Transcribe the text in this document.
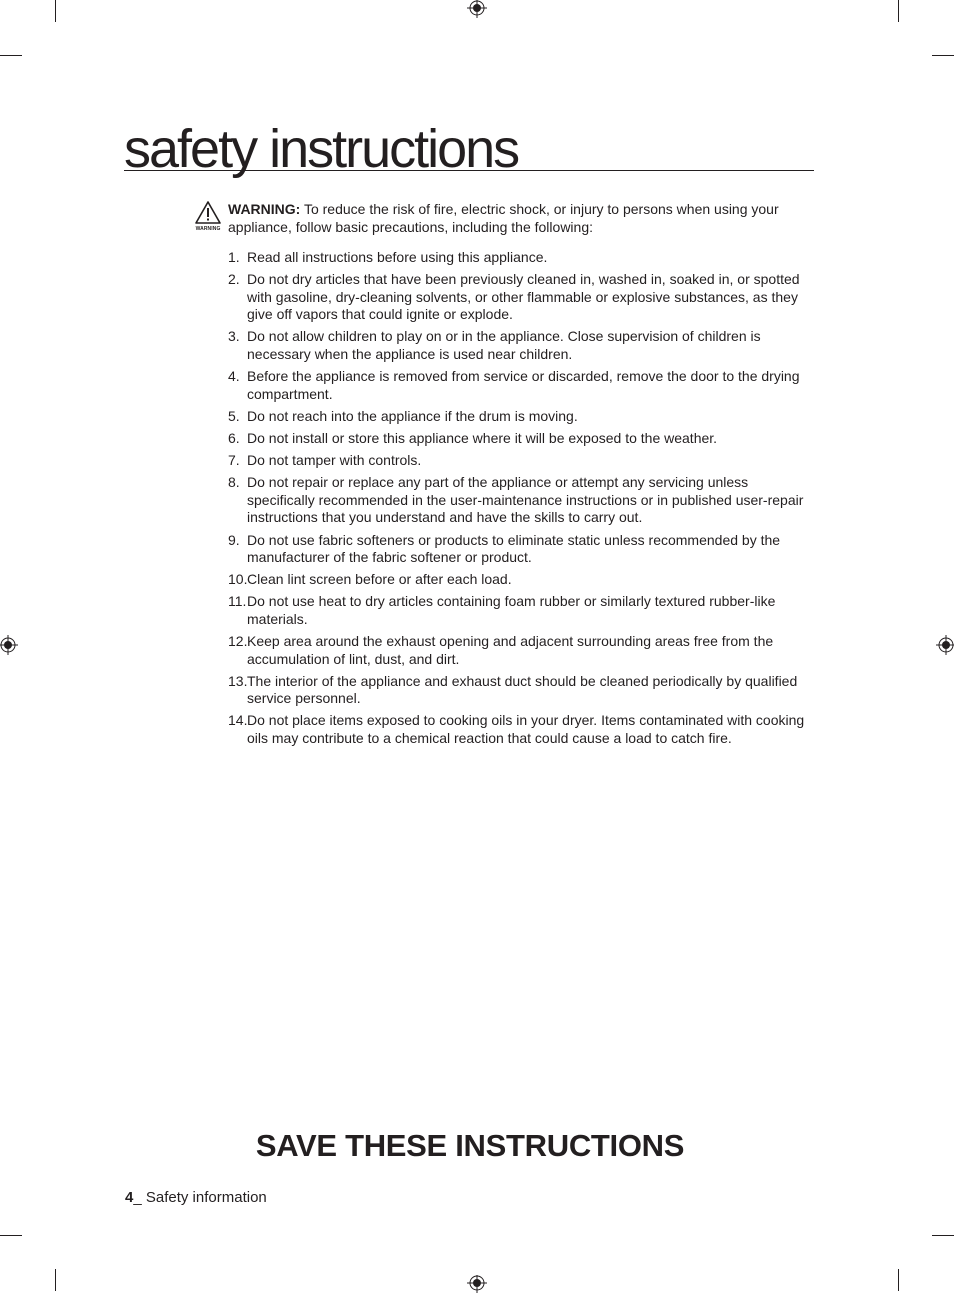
safety instructions
WARNING
WARNING: To reduce the risk of fire, electric shock, or injury to persons when using your appliance, follow basic precautions, including the following:
1. Read all instructions before using this appliance.
2. Do not dry articles that have been previously cleaned in, washed in, soaked in, or spotted with gasoline, dry-cleaning solvents, or other flammable or explosive substances, as they give off vapors that could ignite or explode.
3. Do not allow children to play on or in the appliance. Close supervision of children is necessary when the appliance is used near children.
4. Before the appliance is removed from service or discarded, remove the door to the drying compartment.
5. Do not reach into the appliance if the drum is moving.
6. Do not install or store this appliance where it will be exposed to the weather.
7. Do not tamper with controls.
8. Do not repair or replace any part of the appliance or attempt any servicing unless specifically recommended in the user-maintenance instructions or in published user-repair instructions that you understand and have the skills to carry out.
9. Do not use fabric softeners or products to eliminate static unless recommended by the manufacturer of the fabric softener or product.
10. Clean lint screen before or after each load.
11. Do not use heat to dry articles containing foam rubber or similarly textured rubber-like materials.
12. Keep area around the exhaust opening and adjacent surrounding areas free from the accumulation of lint, dust, and dirt.
13. The interior of the appliance and exhaust duct should be cleaned periodically by qualified service personnel.
14. Do not place items exposed to cooking oils in your dryer. Items contaminated with cooking oils may contribute to a chemical reaction that could cause a load to catch fire.
SAVE THESE INSTRUCTIONS
4_ Safety information
